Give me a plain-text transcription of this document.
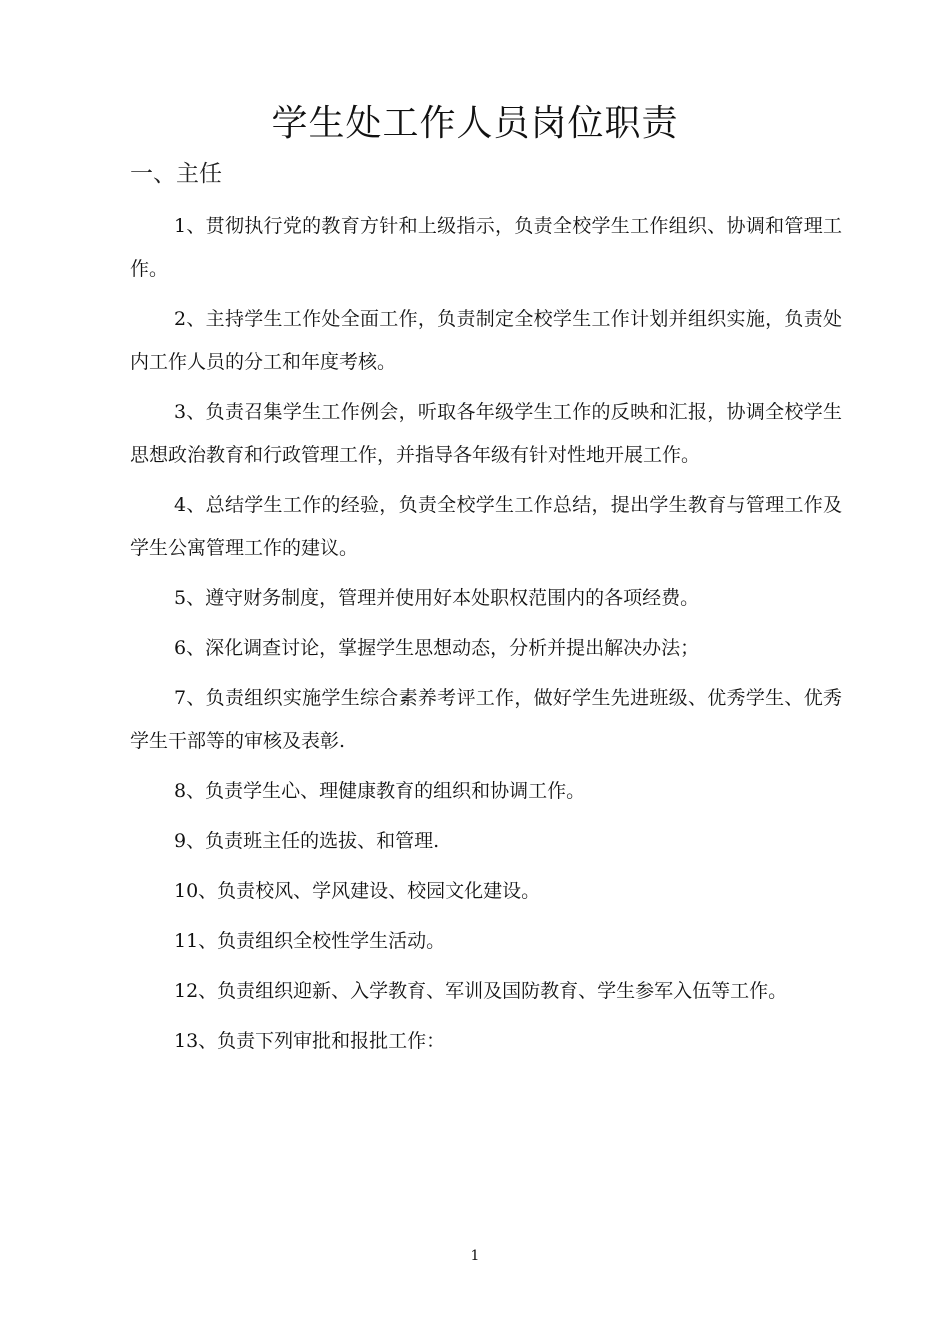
学生处工作人员岗位职责
一、主任

1、贯彻执行党的教育方针和上级指示，负责全校学生工作组织、协调和管理工作。

2、主持学生工作处全面工作，负责制定全校学生工作计划并组织实施，负责处内工作人员的分工和年度考核。

3、负责召集学生工作例会，听取各年级学生工作的反映和汇报，协调全校学生思想政治教育和行政管理工作，并指导各年级有针对性地开展工作。

4、总结学生工作的经验，负责全校学生工作总结，提出学生教育与管理工作及学生公寓管理工作的建议。

5、遵守财务制度，管理并使用好本处职权范围内的各项经费。

6、深化调查讨论，掌握学生思想动态，分析并提出解决办法；

7、负责组织实施学生综合素养考评工作，做好学生先进班级、优秀学生、优秀学生干部等的审核及表彰.

8、负责学生心、理健康教育的组织和协调工作。

9、负责班主任的选拔、和管理.

10、负责校风、学风建设、校园文化建设。

11、负责组织全校性学生活动。

12、负责组织迎新、入学教育、军训及国防教育、学生参军入伍等工作。

13、负责下列审批和报批工作：

1
